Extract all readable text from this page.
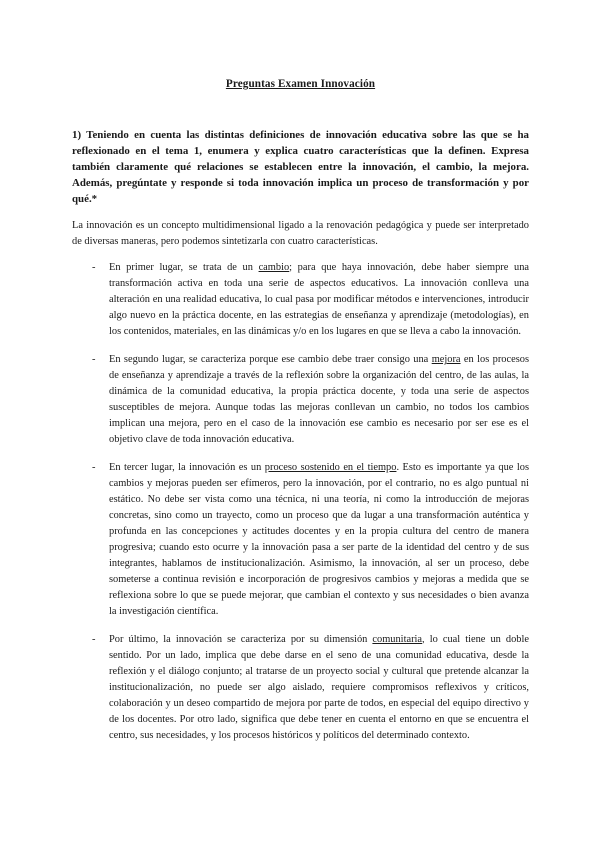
Preguntas Examen Innovación

1) Teniendo en cuenta las distintas definiciones de innovación educativa sobre las que se ha reflexionado en el tema 1, enumera y explica cuatro características que la definen. Expresa también claramente qué relaciones se establecen entre la innovación, el cambio, la mejora. Además, pregúntate y responde si toda innovación implica un proceso de transformación y por qué.*

La innovación es un concepto multidimensional ligado a la renovación pedagógica y puede ser interpretado de diversas maneras, pero podemos sintetizarla con cuatro características.

- En primer lugar, se trata de un cambio; para que haya innovación, debe haber siempre una transformación activa en toda una serie de aspectos educativos. La innovación conlleva una alteración en una realidad educativa, lo cual pasa por modificar métodos e intervenciones, introducir algo nuevo en la práctica docente, en las estrategias de enseñanza y aprendizaje (metodologías), en los contenidos, materiales, en las dinámicas y/o en los lugares en que se lleva a cabo la innovación.
- En segundo lugar, se caracteriza porque ese cambio debe traer consigo una mejora en los procesos de enseñanza y aprendizaje a través de la reflexión sobre la organización del centro, de las aulas, la dinámica de la comunidad educativa, la propia práctica docente, y toda una serie de aspectos susceptibles de mejora. Aunque todas las mejoras conllevan un cambio, no todos los cambios implican una mejora, pero en el caso de la innovación ese cambio es necesario por ser ese es el objetivo clave de toda innovación educativa.
- En tercer lugar, la innovación es un proceso sostenido en el tiempo. Esto es importante ya que los cambios y mejoras pueden ser efímeros, pero la innovación, por el contrario, no es algo puntual ni estático. No debe ser vista como una técnica, ni una teoría, ni como la introducción de mejoras concretas, sino como un trayecto, como un proceso que da lugar a una transformación auténtica y profunda en las concepciones y actitudes docentes y en la propia cultura del centro de manera progresiva; cuando esto ocurre y la innovación pasa a ser parte de la identidad del centro y de sus integrantes, hablamos de institucionalización. Asimismo, la innovación, al ser un proceso, debe someterse a continua revisión e incorporación de progresivos cambios y mejoras a medida que se reflexiona sobre lo que se puede mejorar, que cambian el contexto y sus necesidades o bien avanza la investigación científica.
- Por último, la innovación se caracteriza por su dimensión comunitaria, lo cual tiene un doble sentido. Por un lado, implica que debe darse en el seno de una comunidad educativa, desde la reflexión y el diálogo conjunto; al tratarse de un proyecto social y cultural que pretende alcanzar la institucionalización, no puede ser algo aislado, requiere compromisos reflexivos y críticos, colaboración y un deseo compartido de mejora por parte de todos, en especial del equipo directivo y de los docentes. Por otro lado, significa que debe tener en cuenta el entorno en que se encuentra el centro, sus necesidades, y los procesos históricos y políticos del determinado contexto.
